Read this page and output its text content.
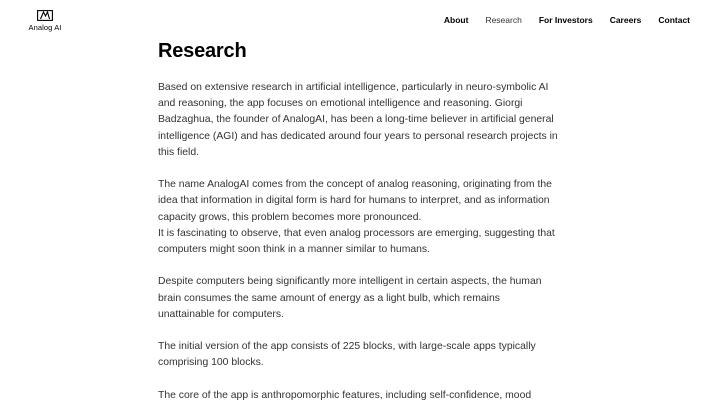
Analog AI
About Research For Investors Careers Contact
Research

Based on extensive research in artificial intelligence, particularly in neuro-symbolic AI and reasoning, the app focuses on emotional intelligence and reasoning. Giorgi Badzaghua, the founder of AnalogAI, has been a long-time believer in artificial general intelligence (AGI) and has dedicated around four years to personal research projects in this field.

The name AnalogAI comes from the concept of analog reasoning, originating from the idea that information in digital form is hard for humans to interpret, and as information capacity grows, this problem becomes more pronounced.
It is fascinating to observe, that even analog processors are emerging, suggesting that computers might soon think in a manner similar to humans.

Despite computers being significantly more intelligent in certain aspects, the human brain consumes the same amount of energy as a light bulb, which remains unattainable for computers.

The initial version of the app consists of 225 blocks, with large-scale apps typically comprising 100 blocks.

The core of the app is anthropomorphic features, including self-confidence, mood
